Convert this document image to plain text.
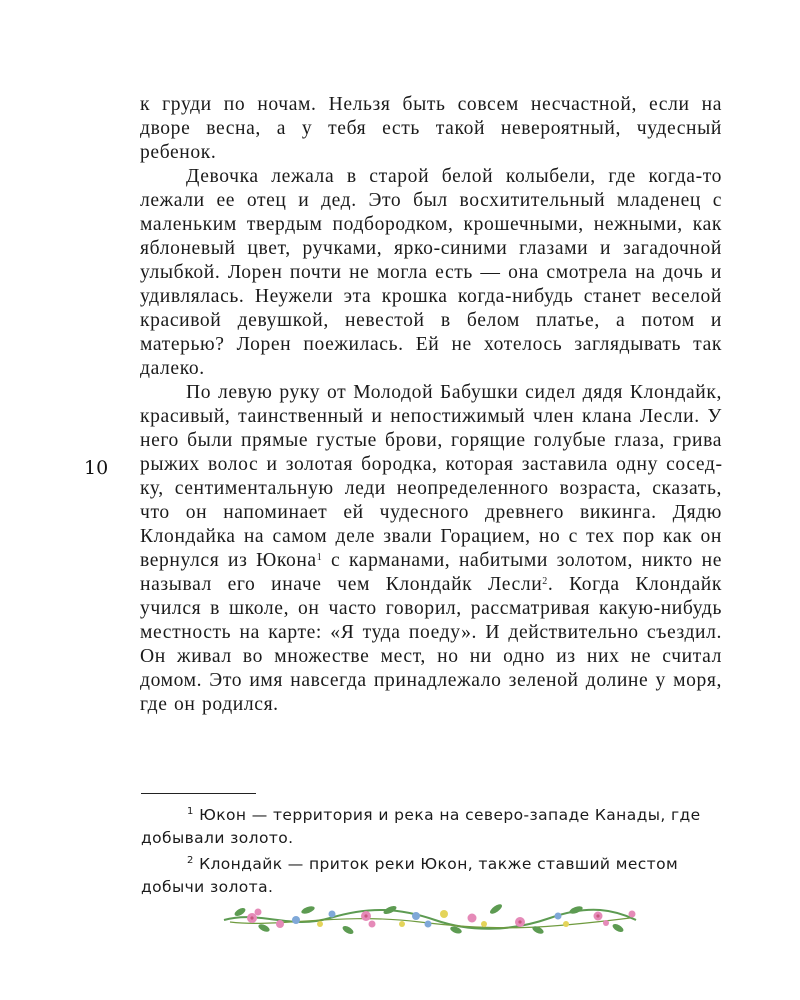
10

к груди по ночам. Нельзя быть совсем несчастной, если на дворе весна, а у тебя есть такой невероятный, чудесный ребенок.

Девочка лежала в старой белой колыбели, где когда-то лежали ее отец и дед. Это был восхитительный младенец с маленьким твердым подбородком, крошечными, нежными, как яблоневый цвет, ручками, ярко-синими глазами и загадочной улыбкой. Лорен почти не могла есть — она смотрела на дочь и удивлялась. Неужели эта крошка когда-нибудь станет веселой красивой девушкой, невестой в белом платье, а потом и матерью? Лорен поежилась. Ей не хотелось заглядывать так далеко.

По левую руку от Молодой Бабушки сидел дядя Клондайк, красивый, таинственный и непостижимый член клана Лесли. У него были прямые густые брови, горящие голубые глаза, грива рыжих волос и золотая бородка, которая заставила одну соседку, сентиментальную леди неопределенного возраста, сказать, что он напоминает ей чудесного древнего викинга. Дядю Клондайка на самом деле звали Горацием, но с тех пор как он вернулся из Юкона$^1$ с карманами, набитыми золотом, никто не называл его иначе чем Клондайк Лесли$^2$. Когда Клондайк учился в школе, он часто говорил, рассматривая какую-нибудь местность на карте: «Я туда поеду». И действительно съездил. Он живал во множестве мест, но ни одно из них не считал домом. Это имя навсегда принадлежало зеленой долине у моря, где он родился.

$^1$ Юкон — территория и река на северо-западе Канады, где добывали золото.

$^2$ Клондайк — приток реки Юкон, также ставший местом добычи золота.
